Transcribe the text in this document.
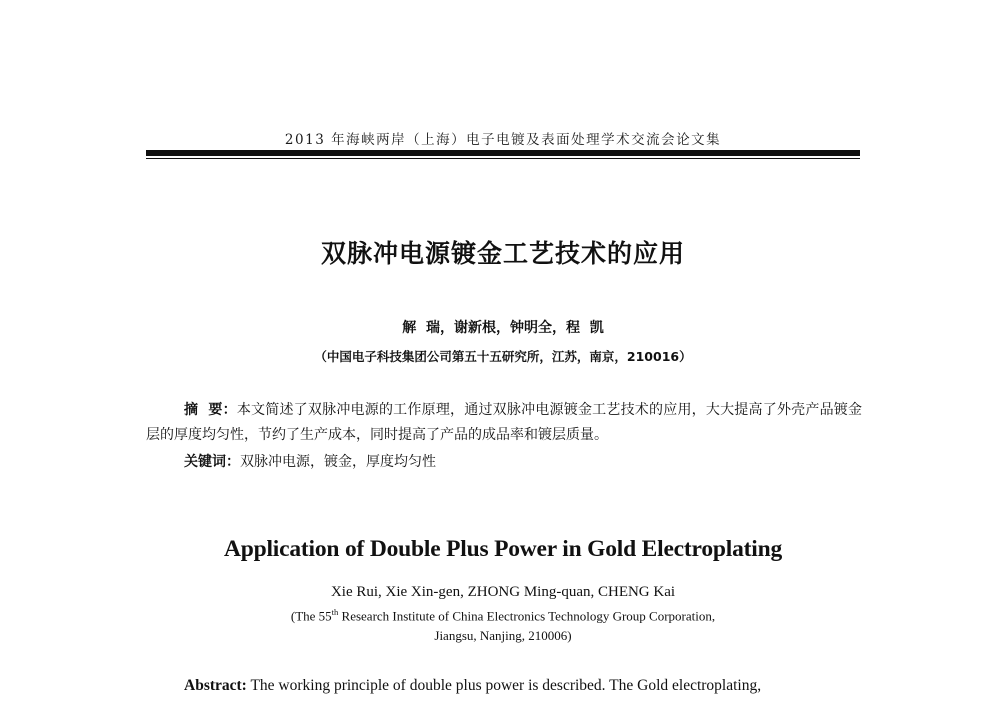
2013 年海峡两岸（上海）电子电镀及表面处理学术交流会论文集
双脉冲电源镀金工艺技术的应用
解  瑞，谢新根，钟明全，程  凯
（中国电子科技集团公司第五十五研究所，江苏，南京，210016）
摘  要：本文简述了双脉冲电源的工作原理，通过双脉冲电源镀金工艺技术的应用，大大提高了外壳产品镀金层的厚度均匀性，节约了生产成本，同时提高了产品的成品率和镀层质量。
关键词：双脉冲电源，镀金，厚度均匀性
Application of Double Plus Power in Gold Electroplating
Xie Rui, Xie Xin-gen, ZHONG Ming-quan, CHENG Kai
(The 55th Research Institute of China Electronics Technology Group Corporation,
Jiangsu, Nanjing, 210006)
Abstract: The working principle of double plus power is described. The Gold electroplating,
